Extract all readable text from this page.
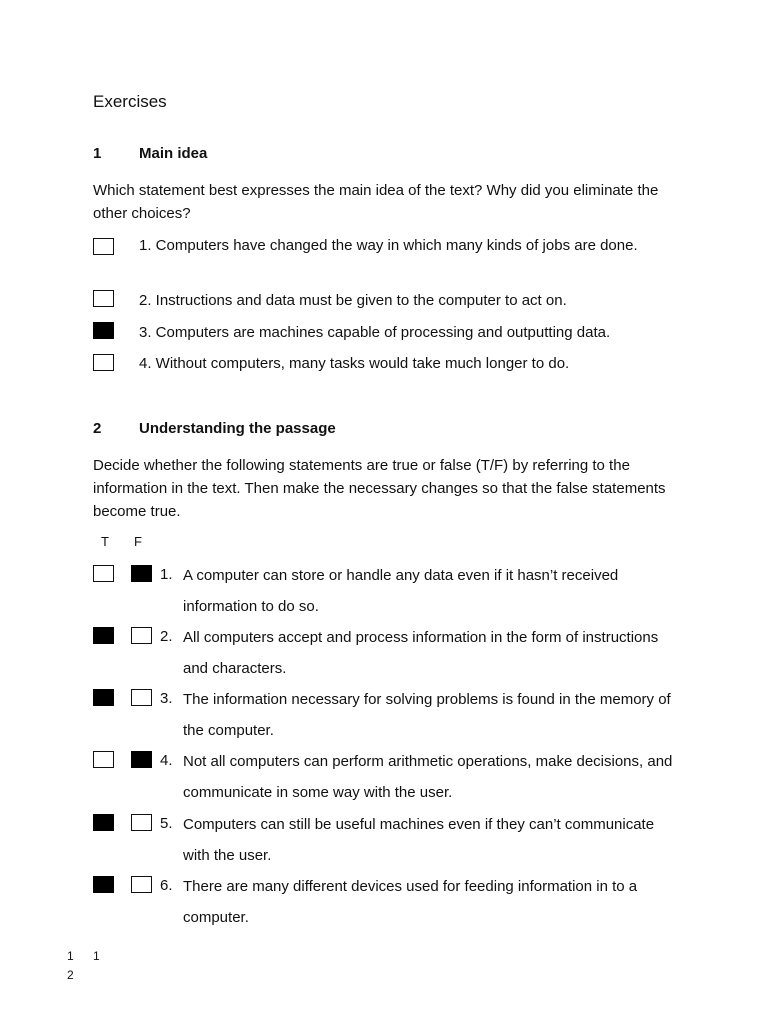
Exercises
1	Main idea
Which statement best expresses the main idea of the text? Why did you eliminate the other choices?
1. Computers have changed the way in which many kinds of jobs are done.
2. Instructions and data must be given to the computer to act on.
3. Computers are machines capable of processing and outputting data.
4. Without computers, many tasks would take much longer to do.
2	Understanding the passage
Decide whether the following statements are true or false (T/F) by referring to the information in the text. Then make the necessary changes so that the false statements become true.
T F
1. A computer can store or handle any data even if it hasn’t received information to do so.
2. All computers accept and process information in the form of instructions and characters.
3. The information necessary for solving problems is found in the memory of the computer.
4. Not all computers can perform arithmetic operations, make decisions, and communicate in some way with the user.
5. Computers can still be useful machines even if they can’t communicate with the user.
6. There are many different devices used for feeding information in to a computer.
1 1
2
